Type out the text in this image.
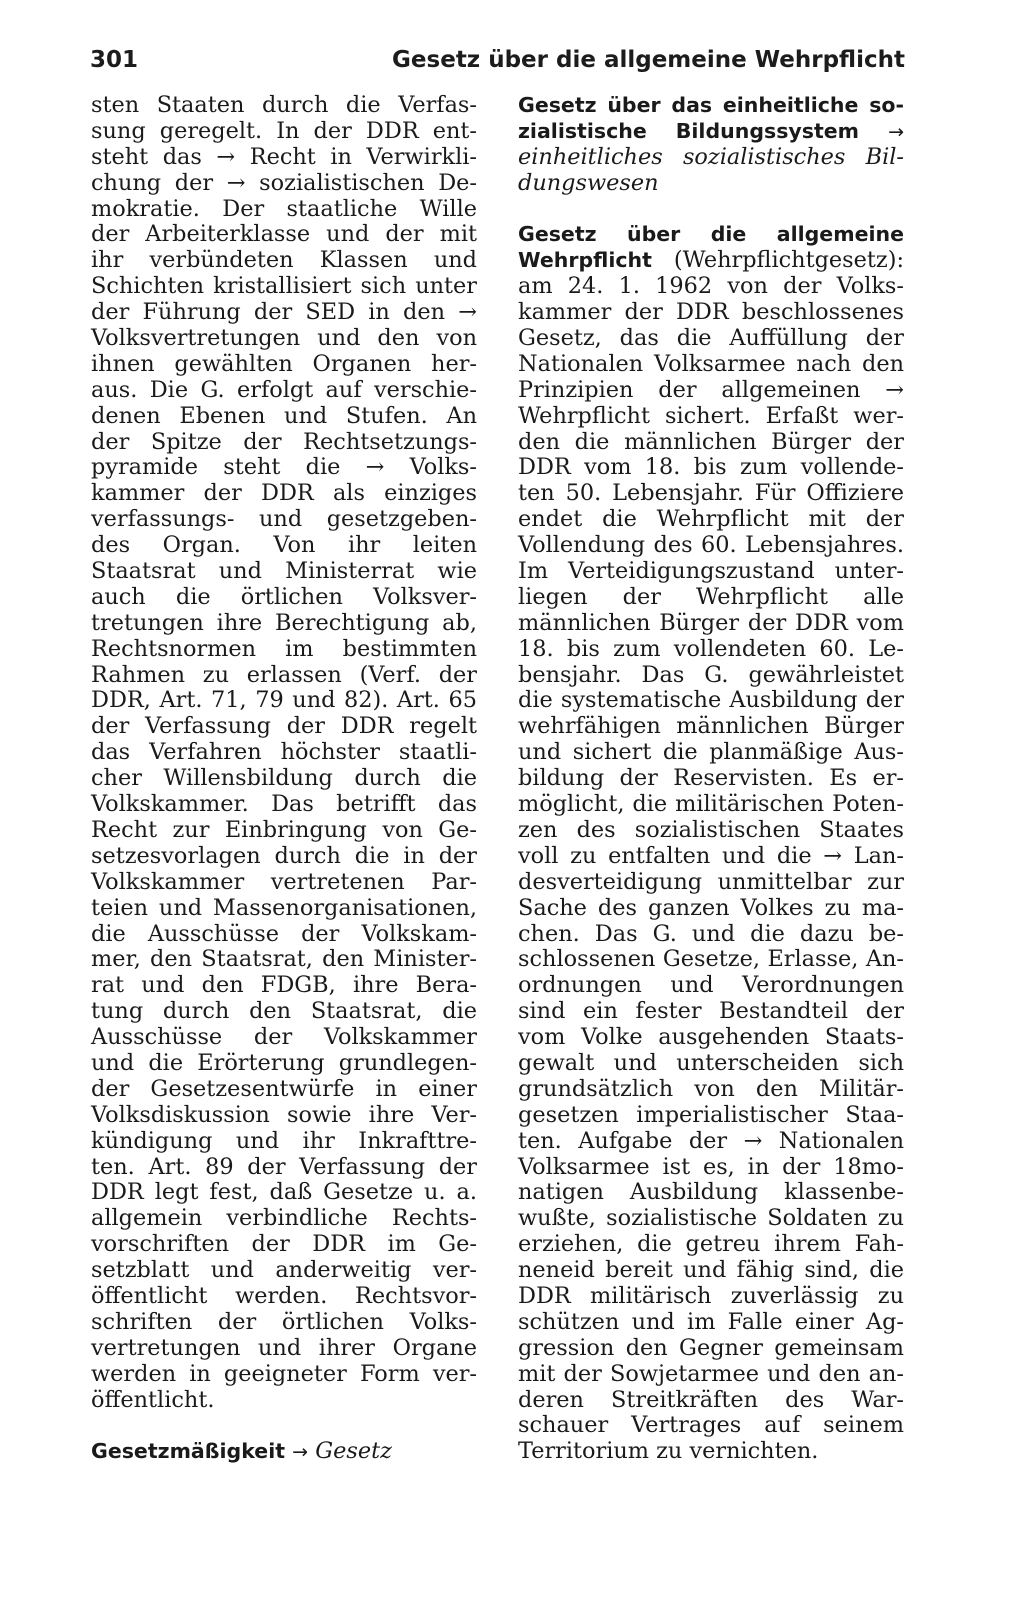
301	Gesetz über die allgemeine Wehrpflicht
sten Staaten durch die Verfas-
sung geregelt. In der DDR ent-
steht das → Recht in Verwirkli-
chung der → sozialistischen De-
mokratie. Der staatliche Wille
der Arbeiterklasse und der mit
ihr verbündeten Klassen und
Schichten kristallisiert sich unter
der Führung der SED in den →
Volksvertretungen und den von
ihnen gewählten Organen her-
aus. Die G. erfolgt auf verschie-
denen Ebenen und Stufen. An
der Spitze der Rechtsetzungs-
pyramide steht die → Volks-
kammer der DDR als einziges
verfassungs- und gesetzgeben-
des Organ. Von ihr leiten
Staatsrat und Ministerrat wie
auch die örtlichen Volksver-
tretungen ihre Berechtigung ab,
Rechtsnormen im bestimmten
Rahmen zu erlassen (Verf. der
DDR, Art. 71, 79 und 82). Art. 65
der Verfassung der DDR regelt
das Verfahren höchster staatli-
cher Willensbildung durch die
Volkskammer. Das betrifft das
Recht zur Einbringung von Ge-
setzesvorlagen durch die in der
Volkskammer vertretenen Par-
teien und Massenorganisationen,
die Ausschüsse der Volkskam-
mer, den Staatsrat, den Minister-
rat und den FDGB, ihre Bera-
tung durch den Staatsrat, die
Ausschüsse der Volkskammer
und die Erörterung grundlegen-
der Gesetzesentwürfe in einer
Volksdiskussion sowie ihre Ver-
kündigung und ihr Inkrafttre-
ten. Art. 89 der Verfassung der
DDR legt fest, daß Gesetze u. a.
allgemein verbindliche Rechts-
vorschriften der DDR im Ge-
setzblatt und anderweitig ver-
öffentlicht werden. Rechtsvor-
schriften der örtlichen Volks-
vertretungen und ihrer Organe
werden in geeigneter Form ver-
öffentlicht.
Gesetzmäßigkeit → Gesetz
Gesetz über das einheitliche so-
zialistische Bildungssystem →
einheitliches sozialistisches Bil-
dungswesen
Gesetz über die allgemeine
Wehrpflicht (Wehrpflichtgesetz):
am 24. 1. 1962 von der Volks-
kammer der DDR beschlossenes
Gesetz, das die Auffüllung der
Nationalen Volksarmee nach den
Prinzipien der allgemeinen →
Wehrpflicht sichert. Erfaßt wer-
den die männlichen Bürger der
DDR vom 18. bis zum vollende-
ten 50. Lebensjahr. Für Offiziere
endet die Wehrpflicht mit der
Vollendung des 60. Lebensjahres.
Im Verteidigungszustand unter-
liegen der Wehrpflicht alle
männlichen Bürger der DDR vom
18. bis zum vollendeten 60. Le-
bensjahr. Das G. gewährleistet
die systematische Ausbildung der
wehrfähigen männlichen Bürger
und sichert die planmäßige Aus-
bildung der Reservisten. Es er-
möglicht, die militärischen Poten-
zen des sozialistischen Staates
voll zu entfalten und die → Lan-
desverteidigung unmittelbar zur
Sache des ganzen Volkes zu ma-
chen. Das G. und die dazu be-
schlossenen Gesetze, Erlasse, An-
ordnungen und Verordnungen
sind ein fester Bestandteil der
vom Volke ausgehenden Staats-
gewalt und unterscheiden sich
grundsätzlich von den Militär-
gesetzen imperialistischer Staa-
ten. Aufgabe der → Nationalen
Volksarmee ist es, in der 18mo-
natigen Ausbildung klassenbe-
wußte, sozialistische Soldaten zu
erziehen, die getreu ihrem Fah-
neneid bereit und fähig sind, die
DDR militärisch zuverlässig zu
schützen und im Falle einer Ag-
gression den Gegner gemeinsam
mit der Sowjetarmee und den an-
deren Streitkräften des War-
schauer Vertrages auf seinem
Territorium zu vernichten.
